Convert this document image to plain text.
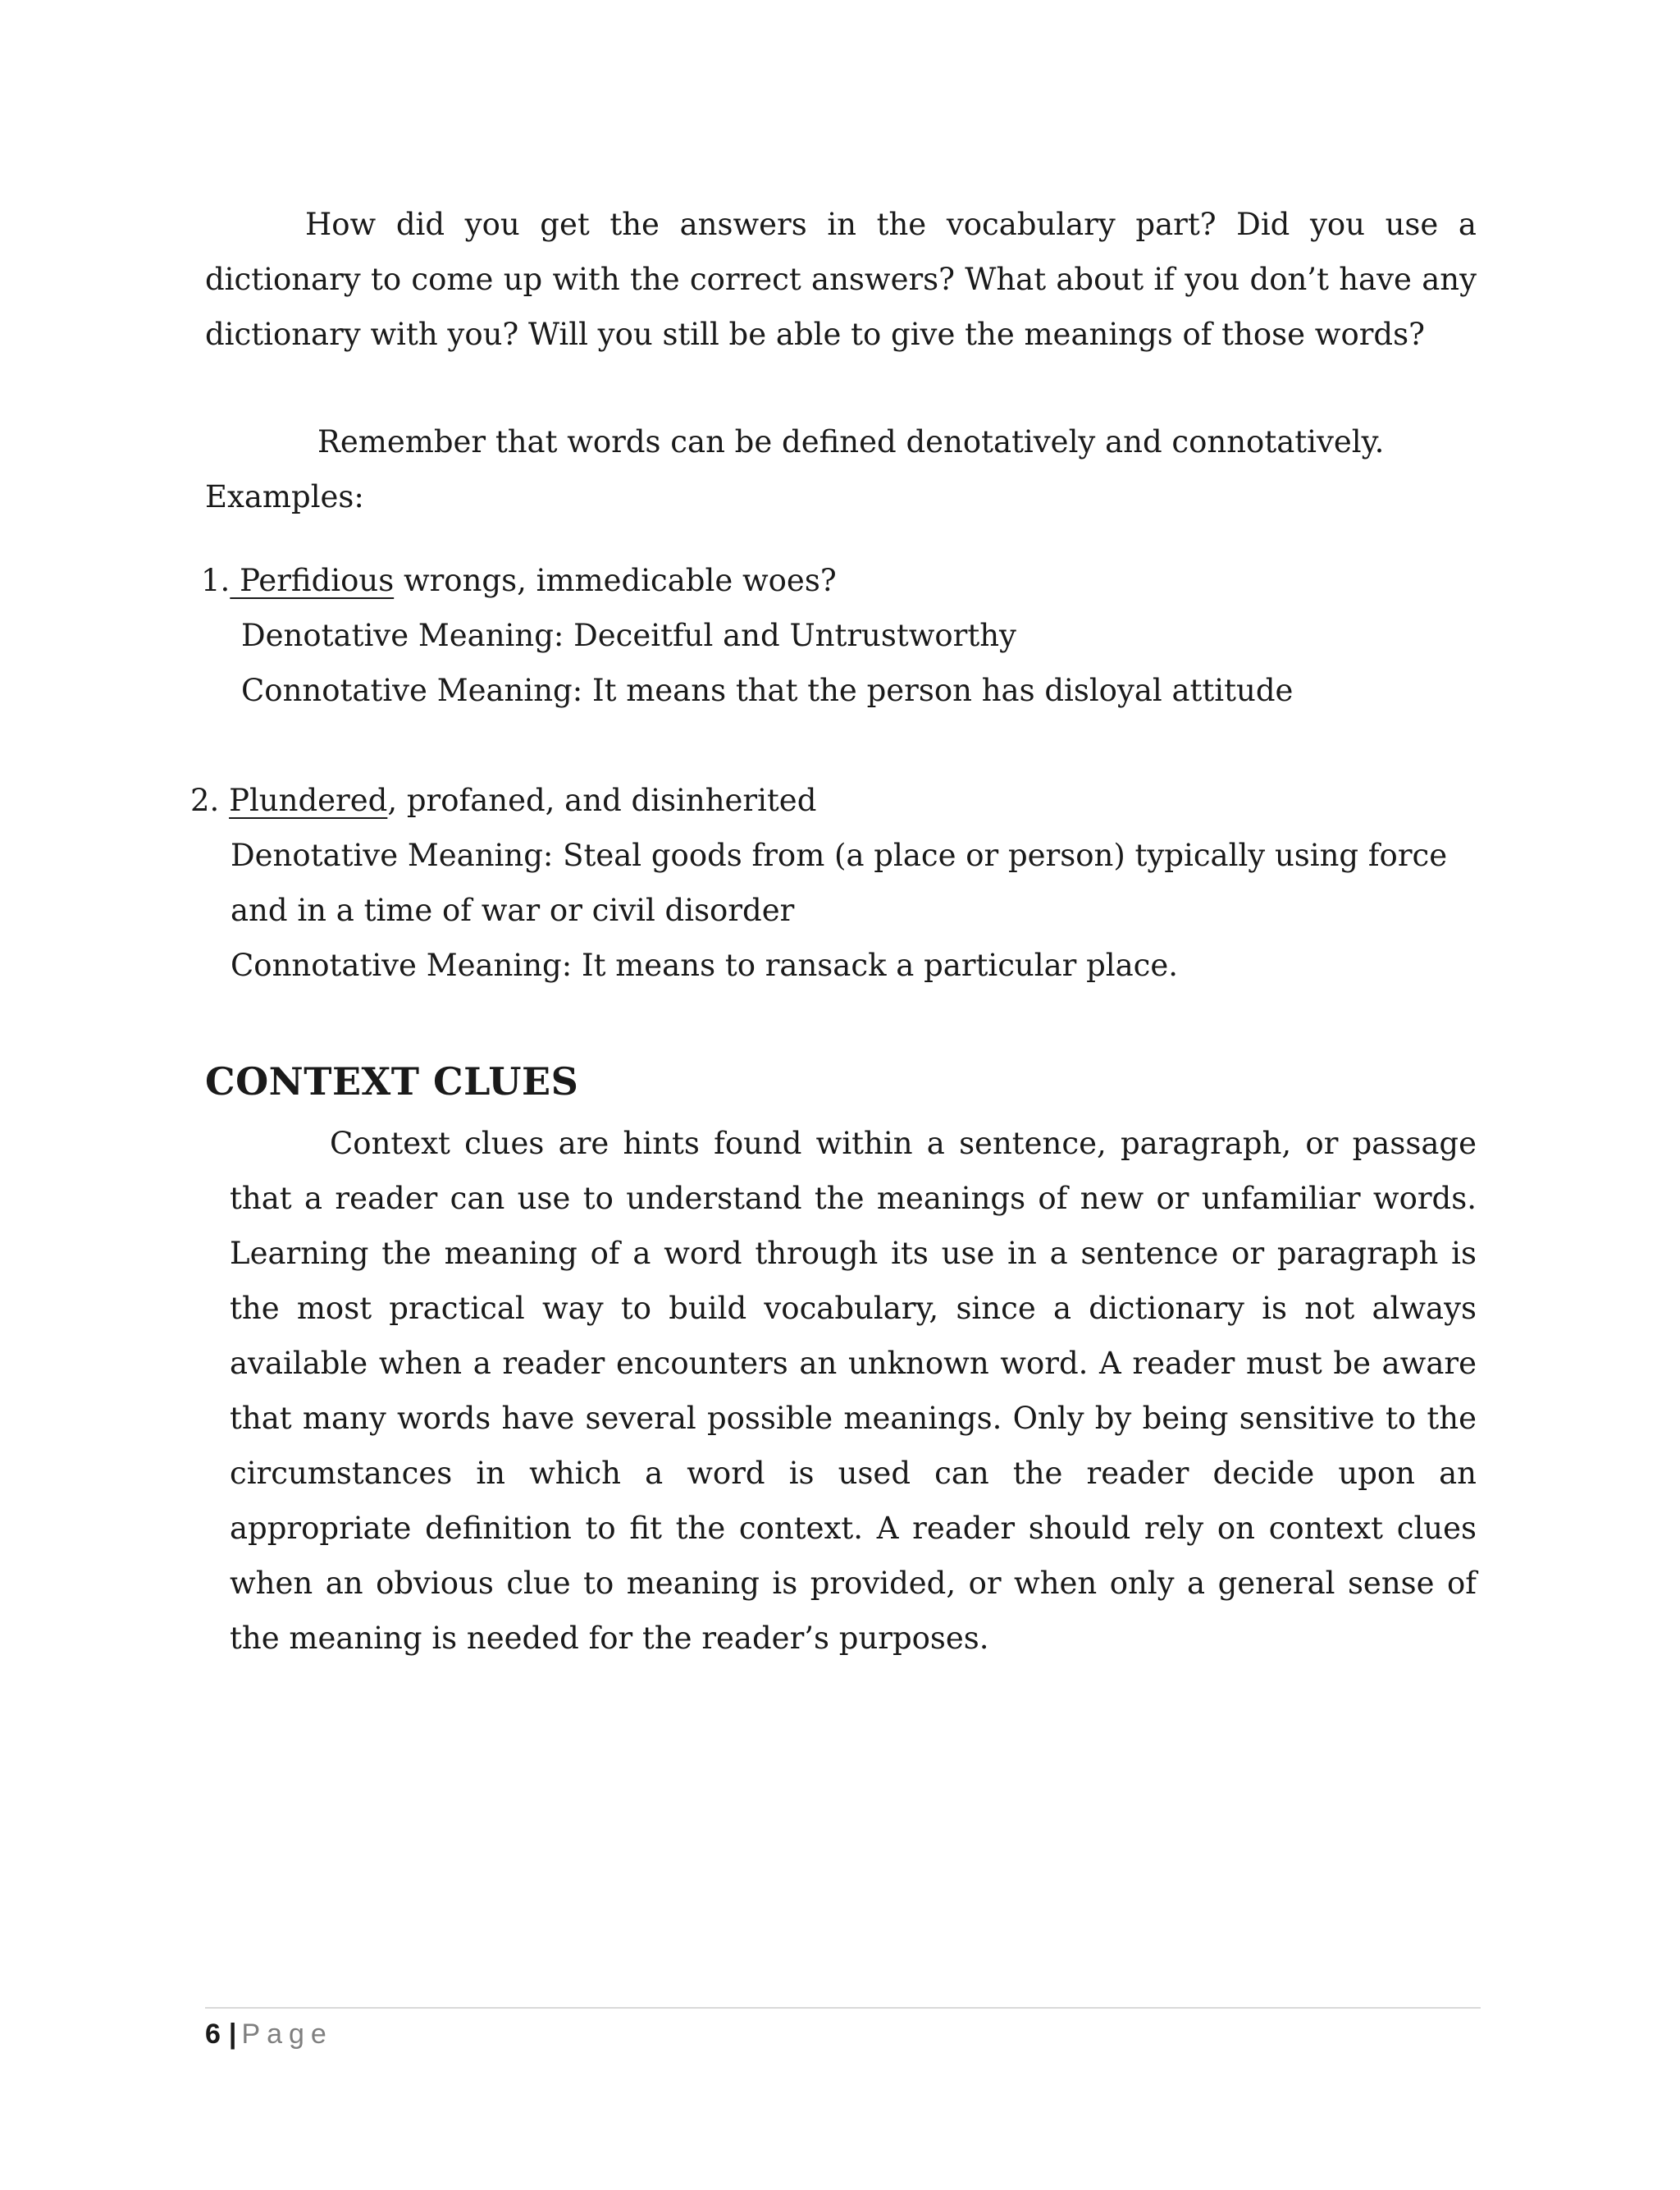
How did you get the answers in the vocabulary part? Did you use a dictionary to come up with the correct answers? What about if you don’t have any dictionary with you? Will you still be able to give the meanings of those words?

Remember that words can be defined denotatively and connotatively.

Examples:

1. Perfidious wrongs, immedicable woes?

Denotative Meaning: Deceitful and Untrustworthy

Connotative Meaning: It means that the person has disloyal attitude

2. Plundered, profaned, and disinherited

Denotative Meaning: Steal goods from (a place or person) typically using force

and in a time of war or civil disorder

Connotative Meaning: It means to ransack a particular place.

CONTEXT CLUES

Context clues are hints found within a sentence, paragraph, or passage that a reader can use to understand the meanings of new or unfamiliar words. Learning the meaning of a word through its use in a sentence or paragraph is the most practical way to build vocabulary, since a dictionary is not always available when a reader encounters an unknown word. A reader must be aware that many words have several possible meanings. Only by being sensitive to the circumstances in which a word is used can the reader decide upon an appropriate definition to fit the context. A reader should rely on context clues when an obvious clue to meaning is provided, or when only a general sense of the meaning is needed for the reader’s purposes.

6 | Page
